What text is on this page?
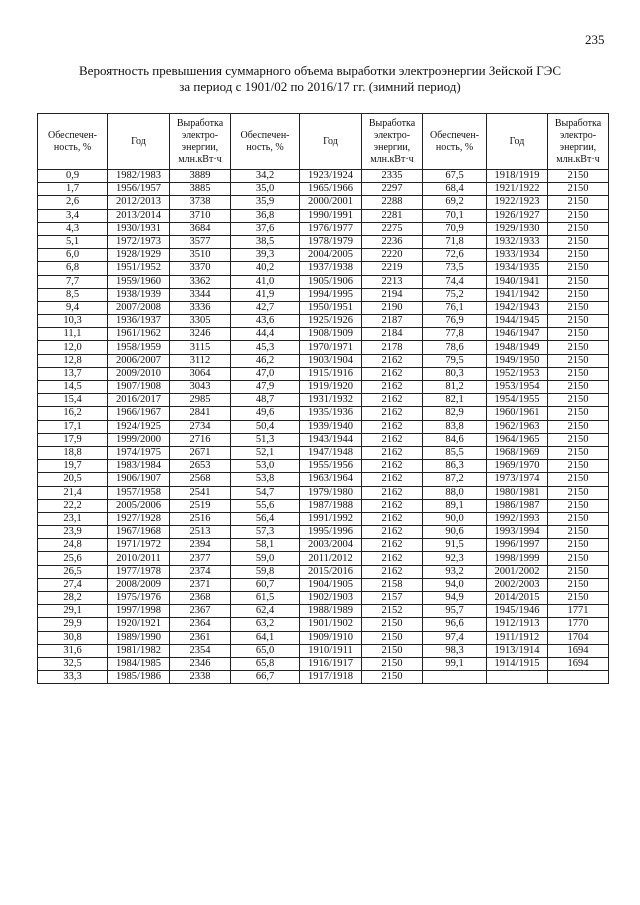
235
Вероятность превышения суммарного объема выработки электроэнергии Зейской ГЭС
за период с 1901/02 по 2016/17 гг. (зимний период)
Обеспечен-ность, %	Год	Выработка электро-энергии, млн.кВт·ч	Обеспечен-ность, %	Год	Выработка электро-энергии, млн.кВт·ч	Обеспечен-ность, %	Год	Выработка электро-энергии, млн.кВт·ч
0,9	1982/1983	3889	34,2	1923/1924	2335	67,5	1918/1919	2150
1,7	1956/1957	3885	35,0	1965/1966	2297	68,4	1921/1922	2150
2,6	2012/2013	3738	35,9	2000/2001	2288	69,2	1922/1923	2150
3,4	2013/2014	3710	36,8	1990/1991	2281	70,1	1926/1927	2150
4,3	1930/1931	3684	37,6	1976/1977	2275	70,9	1929/1930	2150
5,1	1972/1973	3577	38,5	1978/1979	2236	71,8	1932/1933	2150
6,0	1928/1929	3510	39,3	2004/2005	2220	72,6	1933/1934	2150
6,8	1951/1952	3370	40,2	1937/1938	2219	73,5	1934/1935	2150
7,7	1959/1960	3362	41,0	1905/1906	2213	74,4	1940/1941	2150
8,5	1938/1939	3344	41,9	1994/1995	2194	75,2	1941/1942	2150
9,4	2007/2008	3336	42,7	1950/1951	2190	76,1	1942/1943	2150
10,3	1936/1937	3305	43,6	1925/1926	2187	76,9	1944/1945	2150
11,1	1961/1962	3246	44,4	1908/1909	2184	77,8	1946/1947	2150
12,0	1958/1959	3115	45,3	1970/1971	2178	78,6	1948/1949	2150
12,8	2006/2007	3112	46,2	1903/1904	2162	79,5	1949/1950	2150
13,7	2009/2010	3064	47,0	1915/1916	2162	80,3	1952/1953	2150
14,5	1907/1908	3043	47,9	1919/1920	2162	81,2	1953/1954	2150
15,4	2016/2017	2985	48,7	1931/1932	2162	82,1	1954/1955	2150
16,2	1966/1967	2841	49,6	1935/1936	2162	82,9	1960/1961	2150
17,1	1924/1925	2734	50,4	1939/1940	2162	83,8	1962/1963	2150
17,9	1999/2000	2716	51,3	1943/1944	2162	84,6	1964/1965	2150
18,8	1974/1975	2671	52,1	1947/1948	2162	85,5	1968/1969	2150
19,7	1983/1984	2653	53,0	1955/1956	2162	86,3	1969/1970	2150
20,5	1906/1907	2568	53,8	1963/1964	2162	87,2	1973/1974	2150
21,4	1957/1958	2541	54,7	1979/1980	2162	88,0	1980/1981	2150
22,2	2005/2006	2519	55,6	1987/1988	2162	89,1	1986/1987	2150
23,1	1927/1928	2516	56,4	1991/1992	2162	90,0	1992/1993	2150
23,9	1967/1968	2513	57,3	1995/1996	2162	90,6	1993/1994	2150
24,8	1971/1972	2394	58,1	2003/2004	2162	91,5	1996/1997	2150
25,6	2010/2011	2377	59,0	2011/2012	2162	92,3	1998/1999	2150
26,5	1977/1978	2374	59,8	2015/2016	2162	93,2	2001/2002	2150
27,4	2008/2009	2371	60,7	1904/1905	2158	94,0	2002/2003	2150
28,2	1975/1976	2368	61,5	1902/1903	2157	94,9	2014/2015	2150
29,1	1997/1998	2367	62,4	1988/1989	2152	95,7	1945/1946	1771
29,9	1920/1921	2364	63,2	1901/1902	2150	96,6	1912/1913	1770
30,8	1989/1990	2361	64,1	1909/1910	2150	97,4	1911/1912	1704
31,6	1981/1982	2354	65,0	1910/1911	2150	98,3	1913/1914	1694
32,5	1984/1985	2346	65,8	1916/1917	2150	99,1	1914/1915	1694
33,3	1985/1986	2338	66,7	1917/1918	2150			
